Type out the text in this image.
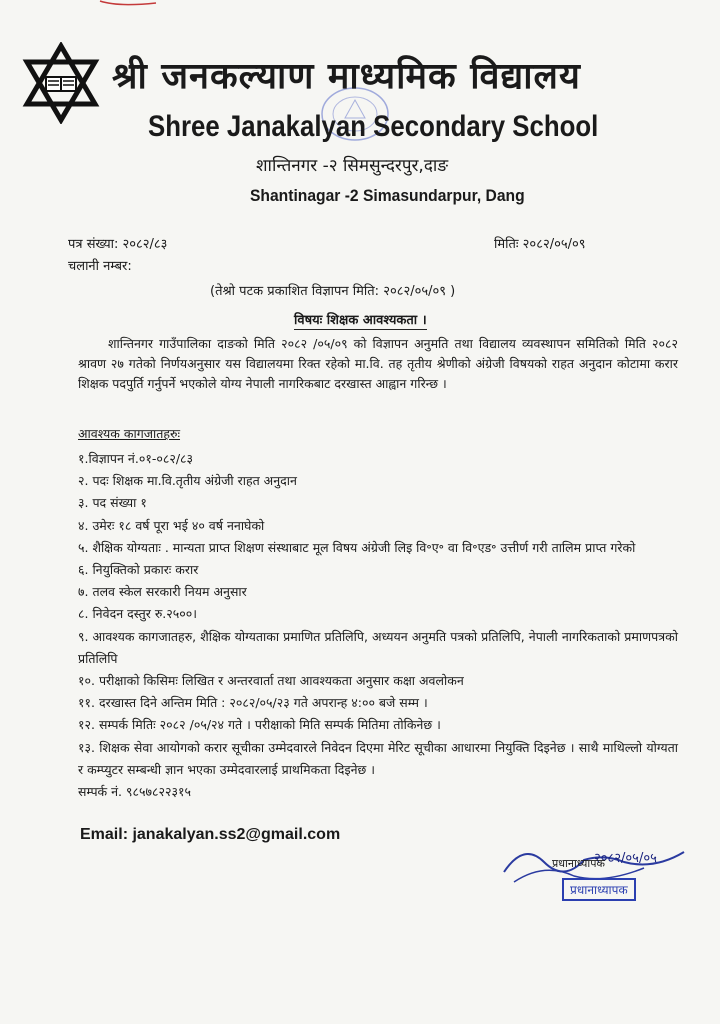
श्री जनकल्याण माध्यमिक विद्यालय
Shree Janakalyan Secondary School
शान्तिनगर -२ सिमसुन्दरपुर,दाङ
Shantinagar -2 Simasundarpur, Dang
पत्र संख्या: २०८२/८३
चलानी नम्बर:
मितिः २०८२/०५/०९
(तेश्रो पटक प्रकाशित विज्ञापन मिति: २०८२/०५/०९ )
विषयः शिक्षक आवश्यकता ।
शान्तिनगर गाउँपालिका दाङको मिति २०८२ /०५/०९ को विज्ञापन अनुमति तथा विद्यालय व्यवस्थापन समितिको मिति २०८२ श्रावण २७ गतेको निर्णयअनुसार यस विद्यालयमा रिक्त रहेको मा.वि. तह तृतीय श्रेणीको अंग्रेजी विषयको राहत अनुदान कोटामा करार शिक्षक पदपुर्ति गर्नुपर्ने भएकोले योग्य नेपाली नागरिकबाट दरखास्त आह्वान गरिन्छ ।
आवश्यक कागजातहरुः
१.विज्ञापन नं.०१-०८२/८३
२. पदः शिक्षक मा.वि.तृतीय अंग्रेजी राहत अनुदान
३. पद संख्या १
४. उमेरः १८ वर्ष पूरा भई ४० वर्ष ननाघेको
५. शैक्षिक योग्यताः . मान्यता प्राप्त शिक्षण संस्थाबाट मूल विषय अंग्रेजी लिइ वि॰ए॰ वा वि॰एड॰ उत्तीर्ण गरी तालिम प्राप्त गरेको
६. नियुक्तिको प्रकारः करार
७. तलव स्केल सरकारी नियम अनुसार
८. निवेदन दस्तुर रु.२५००।
९. आवश्यक कागजातहरु, शैक्षिक योग्यताका प्रमाणित प्रतिलिपि, अध्ययन अनुमति पत्रको प्रतिलिपि, नेपाली नागरिकताको प्रमाणपत्रको प्रतिलिपि
१०. परीक्षाको किसिमः लिखित र अन्तरवार्ता तथा आवश्यकता अनुसार कक्षा अवलोकन
११. दरखास्त दिने अन्तिम मिति : २०८२/०५/२३ गते अपरान्ह ४:०० बजे सम्म ।
१२. सम्पर्क मितिः २०८२ /०५/२४ गते । परीक्षाको मिति सम्पर्क मितिमा तोकिनेछ ।
१३. शिक्षक सेवा आयोगको करार सूचीका उम्मेदवारले निवेदन दिएमा मेरिट सूचीका आधारमा नियुक्ति दिइनेछ । साथै माथिल्लो योग्यता र कम्प्युटर सम्बन्धी ज्ञान भएका उम्मेदवारलाई प्राथमिकता दिइनेछ ।
सम्पर्क नं. ९८५७८२२३१५
Email: janakalyan.ss2@gmail.com
२०८२/०५/०५
प्रधानाध्यापक
प्रधानाध्यापक
